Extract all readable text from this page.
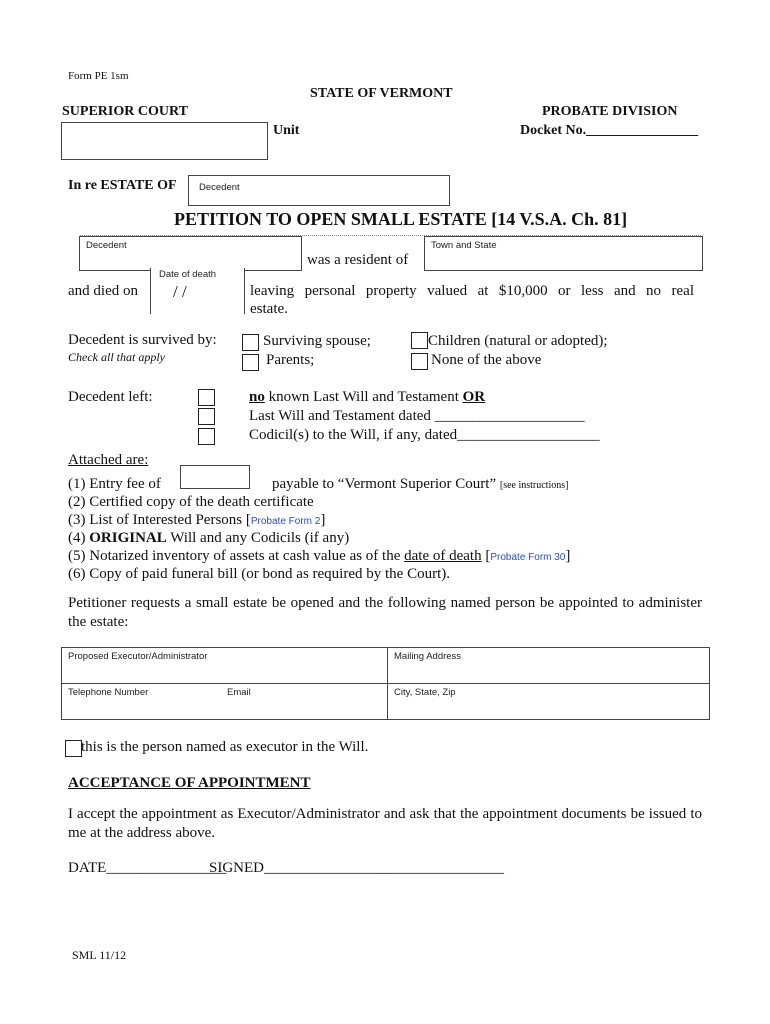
Form PE 1sm
STATE OF VERMONT
SUPERIOR COURT	PROBATE DIVISION
Unit	Docket No.________________
In re ESTATE OF Decedent
PETITION TO OPEN SMALL ESTATE [14 V.S.A. Ch. 81]
Decedent
was a resident of
Town and State
and died on
Date of death
/ /	leaving personal property valued at $10,000 or less and no real
estate.
Decedent is survived by:
Check all that apply
Surviving spouse;	Children (natural or adopted);
Parents;	None of the above
Decedent left:	no known Last Will and Testament OR
Last Will and Testament dated ____________________
Codicil(s) to the Will, if any, dated___________________
Attached are:
(1) Entry fee of	payable to “Vermont Superior Court” [see instructions]
(2) Certified copy of the death certificate
(3) List of Interested Persons [Probate Form 2]
(4) ORIGINAL Will and any Codicils (if any)
(5) Notarized inventory of assets at cash value as of the date of death [Probate Form 30]
(6) Copy of paid funeral bill (or bond as required by the Court).
Petitioner requests a small estate be opened and the following named person be appointed to administer the estate:
Proposed Executor/Administrator	Mailing Address
Telephone Number	Email	City, State, Zip
this is the person named as executor in the Will.
ACCEPTANCE OF APPOINTMENT
I accept the appointment as Executor/Administrator and ask that the appointment documents be issued to me at the address above.
DATE________________
SIGNED________________________________
SML 11/12
